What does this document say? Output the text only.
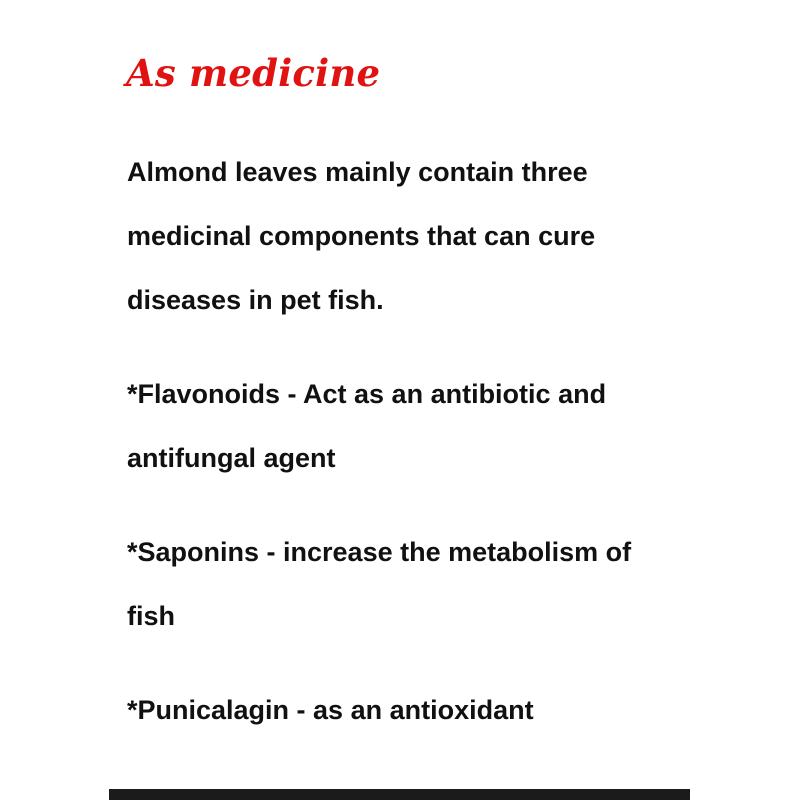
As medicine
Almond leaves mainly contain three
medicinal components that can cure
diseases in pet fish.
*Flavonoids - Act as an antibiotic and
antifungal agent
*Saponins - increase the metabolism of
fish
*Punicalagin - as an antioxidant
